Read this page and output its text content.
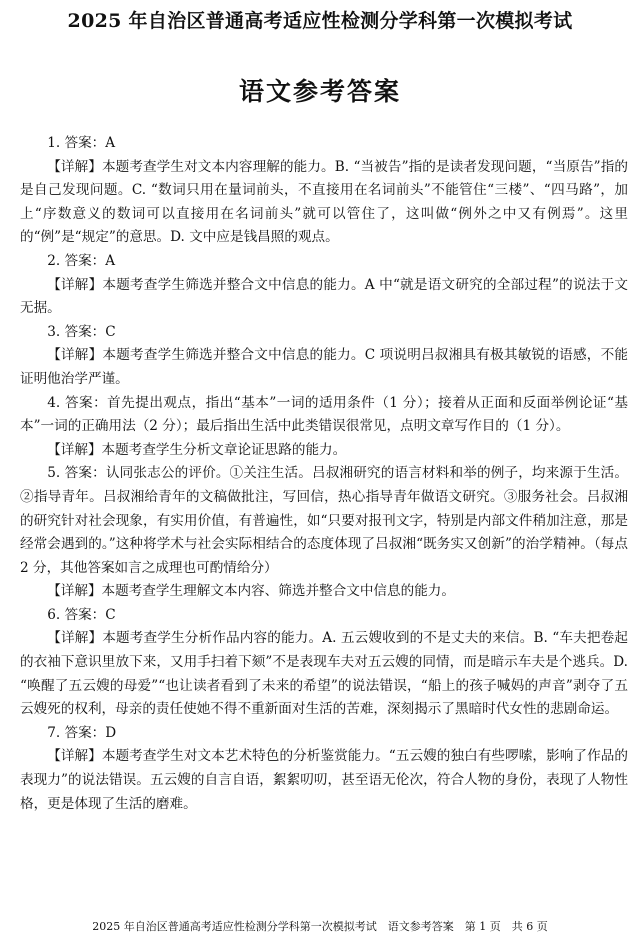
2025 年自治区普通高考适应性检测分学科第一次模拟考试
语文参考答案

1. 答案：A

【详解】本题考查学生对文本内容理解的能力。B. “当被告”指的是读者发现问题，“当原告”指的是自己发现问题。C. “数词只用在量词前头，不直接用在名词前头”不能管住“三楼”、“四马路”，加上“序数意义的数词可以直接用在名词前头”就可以管住了，这叫做“例外之中又有例焉”。这里的“例”是“规定”的意思。D. 文中应是钱昌照的观点。

2. 答案：A

【详解】本题考查学生筛选并整合文中信息的能力。A 中“就是语文研究的全部过程”的说法于文无据。

3. 答案：C

【详解】本题考查学生筛选并整合文中信息的能力。C 项说明吕叔湘具有极其敏锐的语感，不能证明他治学严谨。

4. 答案：首先提出观点，指出“基本”一词的适用条件（1 分）；接着从正面和反面举例论证“基本”一词的正确用法（2 分）；最后指出生活中此类错误很常见，点明文章写作目的（1 分）。

【详解】本题考查学生分析文章论证思路的能力。

5. 答案：认同张志公的评价。①关注生活。吕叔湘研究的语言材料和举的例子，均来源于生活。②指导青年。吕叔湘给青年的文稿做批注，写回信，热心指导青年做语文研究。③服务社会。吕叔湘的研究针对社会现象，有实用价值，有普遍性，如“只要对报刊文字，特别是内部文件稍加注意，那是经常会遇到的。”这种将学术与社会实际相结合的态度体现了吕叔湘“既务实又创新”的治学精神。（每点 2 分，其他答案如言之成理也可酌情给分）

【详解】本题考查学生理解文本内容、筛选并整合文中信息的能力。

6. 答案：C

【详解】本题考查学生分析作品内容的能力。A. 五云嫂收到的不是丈夫的来信。B. “车夫把卷起的衣袖下意识里放下来，又用手扫着下颏”不是表现车夫对五云嫂的同情，而是暗示车夫是个逃兵。D. “唤醒了五云嫂的母爱”“也让读者看到了未来的希望”的说法错误，“船上的孩子喊妈的声音”剥夺了五云嫂死的权利，母亲的责任使她不得不重新面对生活的苦难，深刻揭示了黑暗时代女性的悲剧命运。

7. 答案：D

【详解】本题考查学生对文本艺术特色的分析鉴赏能力。“五云嫂的独白有些啰嗦，影响了作品的表现力”的说法错误。五云嫂的自言自语，絮絮叨叨，甚至语无伦次，符合人物的身份，表现了人物性格，更是体现了生活的磨难。

2025 年自治区普通高考适应性检测分学科第一次模拟考试　语文参考答案　第 1 页　共 6 页
